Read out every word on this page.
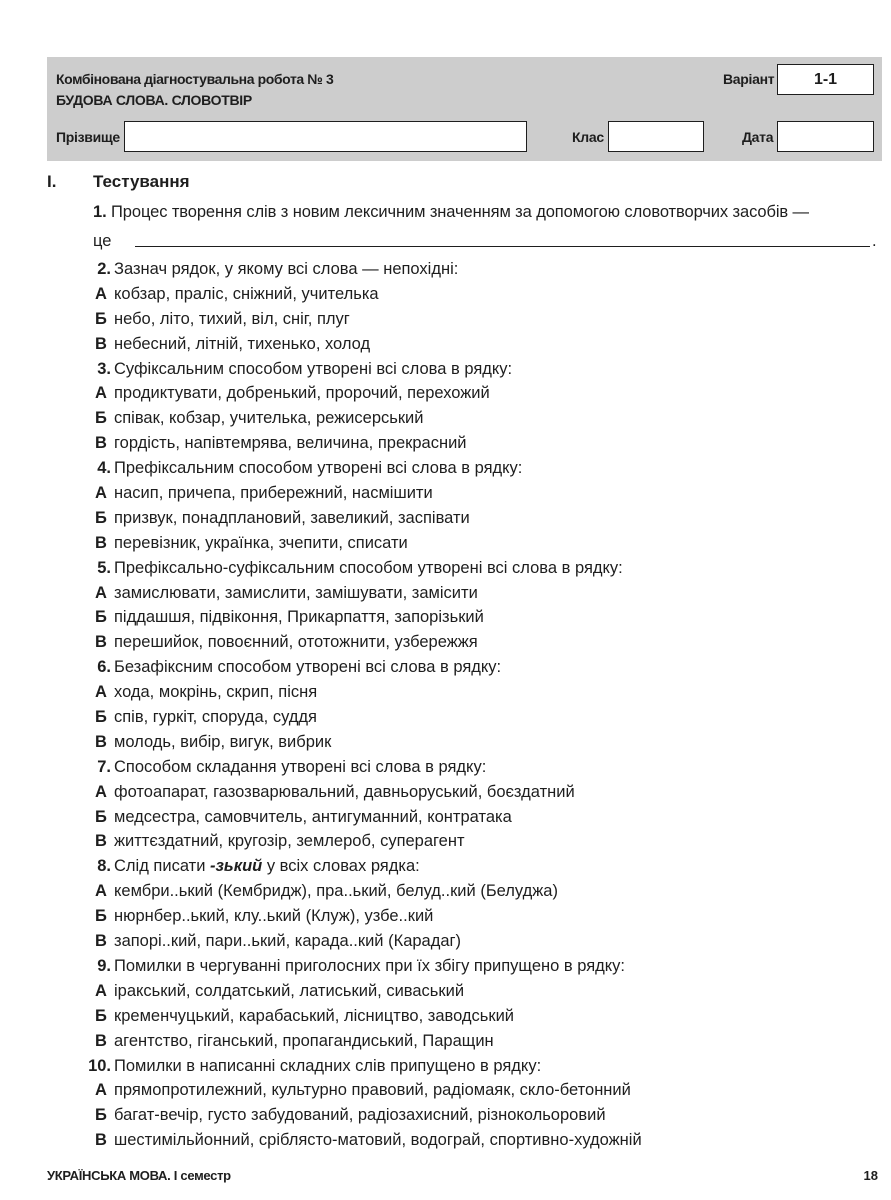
Комбінована діагностувальна робота № 3
БУДОВА СЛОВА. СЛОВОТВІР
Варіант 1-1
Прізвище	Клас	Дата
I. Тестування
1. Процес творення слів з новим лексичним значенням за допомогою словотворчих засобів —
це	.
2. Зазнач рядок, у якому всі слова — непохідні:
А кобзар, праліс, сніжний, учителька
Б небо, літо, тихий, віл, сніг, плуг
В небесний, літній, тихенько, холод
3. Суфіксальним способом утворені всі слова в рядку:
А продиктувати, добренький, пророчий, перехожий
Б співак, кобзар, учителька, режисерський
В гордість, напівтемрява, величина, прекрасний
4. Префіксальним способом утворені всі слова в рядку:
А насип, причепа, прибережний, насмішити
Б призвук, понадплановий, завеликий, заспівати
В перевізник, українка, зчепити, списати
5. Префіксально-суфіксальним способом утворені всі слова в рядку:
А замислювати, замислити, замішувати, замісити
Б піддашшя, підвіконня, Прикарпаття, запорізький
В перешийок, повоєнний, ототожнити, узбережжя
6. Безафіксним способом утворені всі слова в рядку:
А хода, мокрінь, скрип, пісня
Б спів, гуркіт, споруда, суддя
В молодь, вибір, вигук, вибрик
7. Способом складання утворені всі слова в рядку:
А фотоапарат, газозварювальний, давньоруський, боєздатний
Б медсестра, самовчитель, антигуманний, контратака
В життєздатний, кругозір, землероб, суперагент
8. Слід писати -зький у всіх словах рядка:
А кембри..ький (Кембридж), пра..ький, белуд..кий (Белуджа)
Б нюрнбер..ький, клу..ький (Клуж), узбе..кий
В запорі..кий, пари..ький, карада..кий (Карадаг)
9. Помилки в чергуванні приголосних при їх збігу припущено в рядку:
А іракський, солдатський, латиський, сиваський
Б кременчуцький, карабаський, лісництво, заводський
В агентство, гіганський, пропагандиський, Паращин
10. Помилки в написанні складних слів припущено в рядку:
А прямопротилежний, культурно правовий, радіомаяк, скло-бетонний
Б багат-вечір, густо забудований, радіозахисний, різнокольоровий
В шестимільйонний, сріблясто-матовий, водограй, спортивно-художній
УКРАЇНСЬКА МОВА. І семестр	18
